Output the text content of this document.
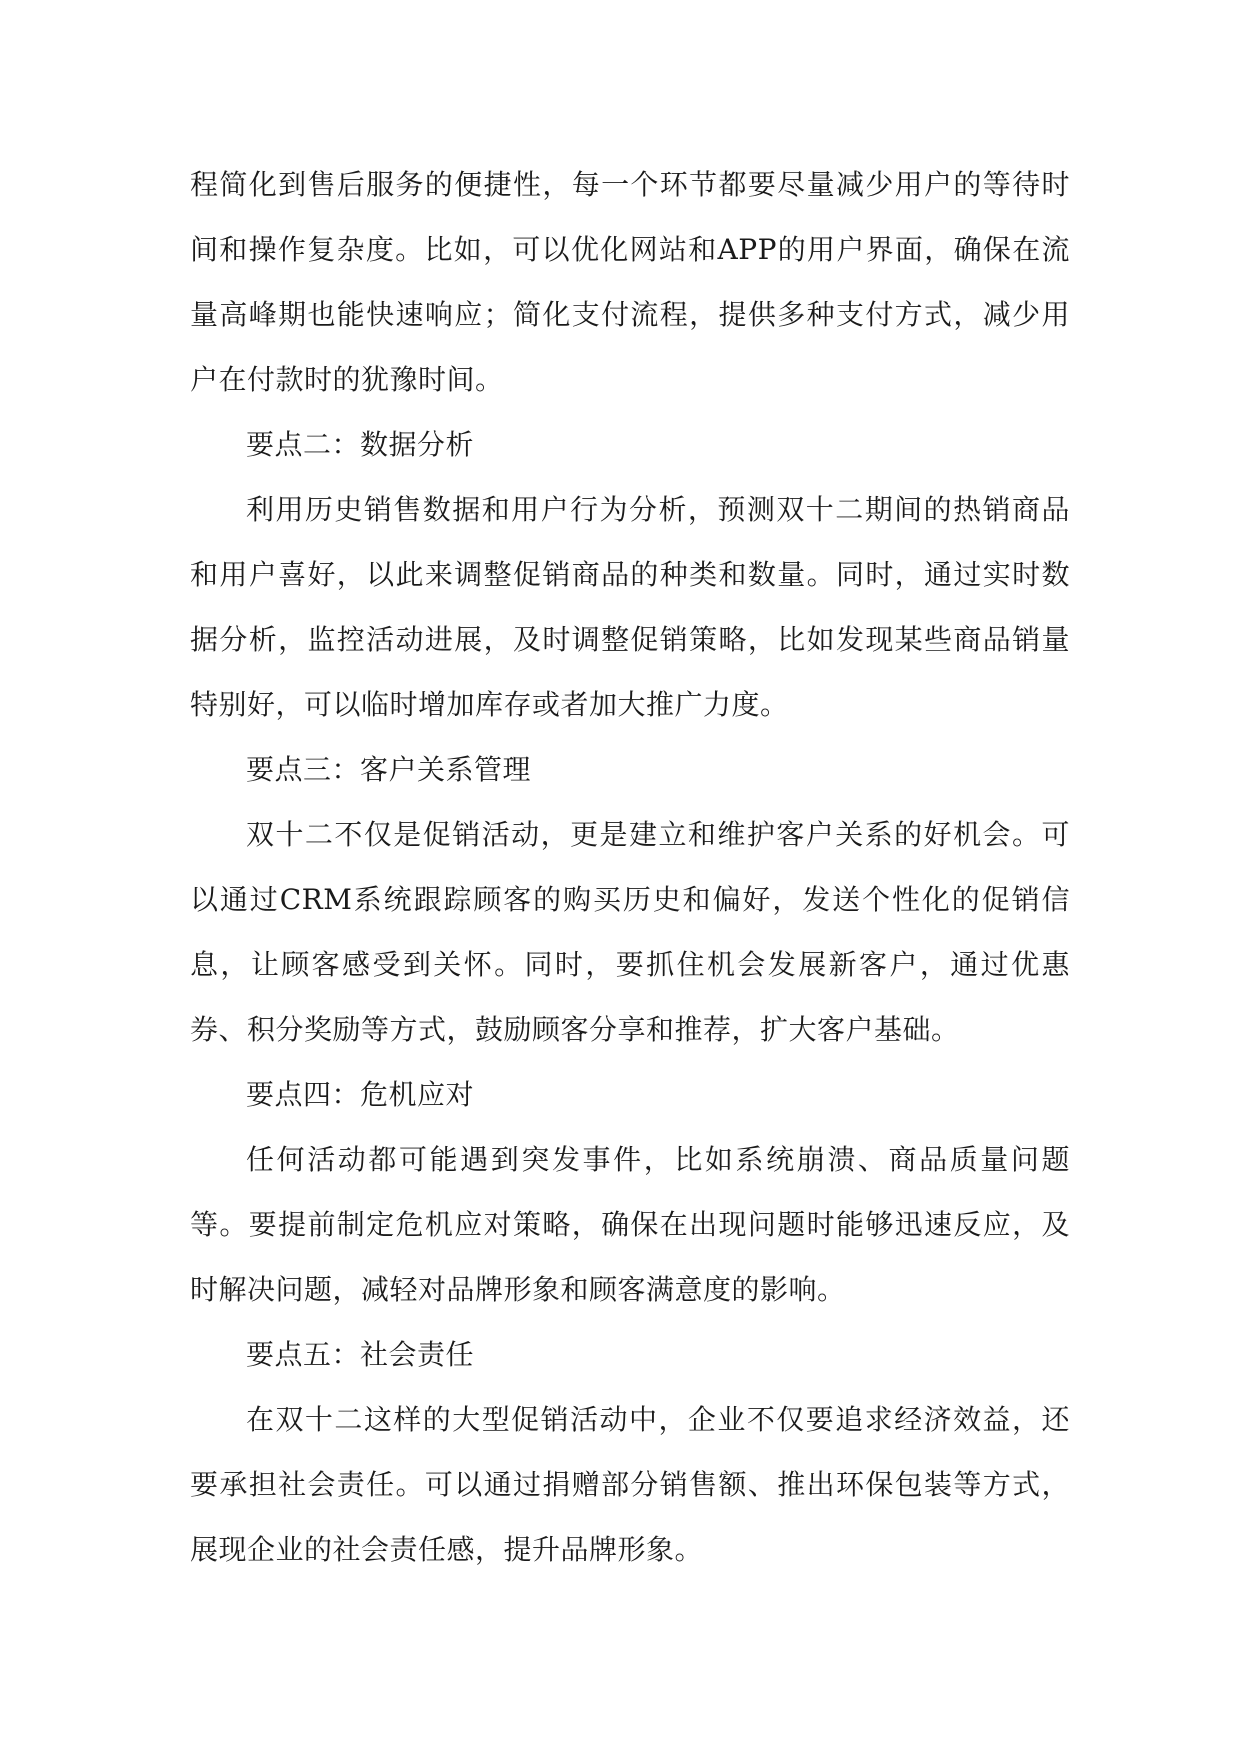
程简化到售后服务的便捷性，每一个环节都要尽量减少用户的等待时间和操作复杂度。比如，可以优化网站和APP的用户界面，确保在流量高峰期也能快速响应；简化支付流程，提供多种支付方式，减少用户在付款时的犹豫时间。

要点二：数据分析

利用历史销售数据和用户行为分析，预测双十二期间的热销商品和用户喜好，以此来调整促销商品的种类和数量。同时，通过实时数据分析，监控活动进展，及时调整促销策略，比如发现某些商品销量特别好，可以临时增加库存或者加大推广力度。

要点三：客户关系管理

双十二不仅是促销活动，更是建立和维护客户关系的好机会。可以通过CRM系统跟踪顾客的购买历史和偏好，发送个性化的促销信息，让顾客感受到关怀。同时，要抓住机会发展新客户，通过优惠券、积分奖励等方式，鼓励顾客分享和推荐，扩大客户基础。

要点四：危机应对

任何活动都可能遇到突发事件，比如系统崩溃、商品质量问题等。要提前制定危机应对策略，确保在出现问题时能够迅速反应，及时解决问题，减轻对品牌形象和顾客满意度的影响。

要点五：社会责任

在双十二这样的大型促销活动中，企业不仅要追求经济效益，还要承担社会责任。可以通过捐赠部分销售额、推出环保包装等方式，展现企业的社会责任感，提升品牌形象。
